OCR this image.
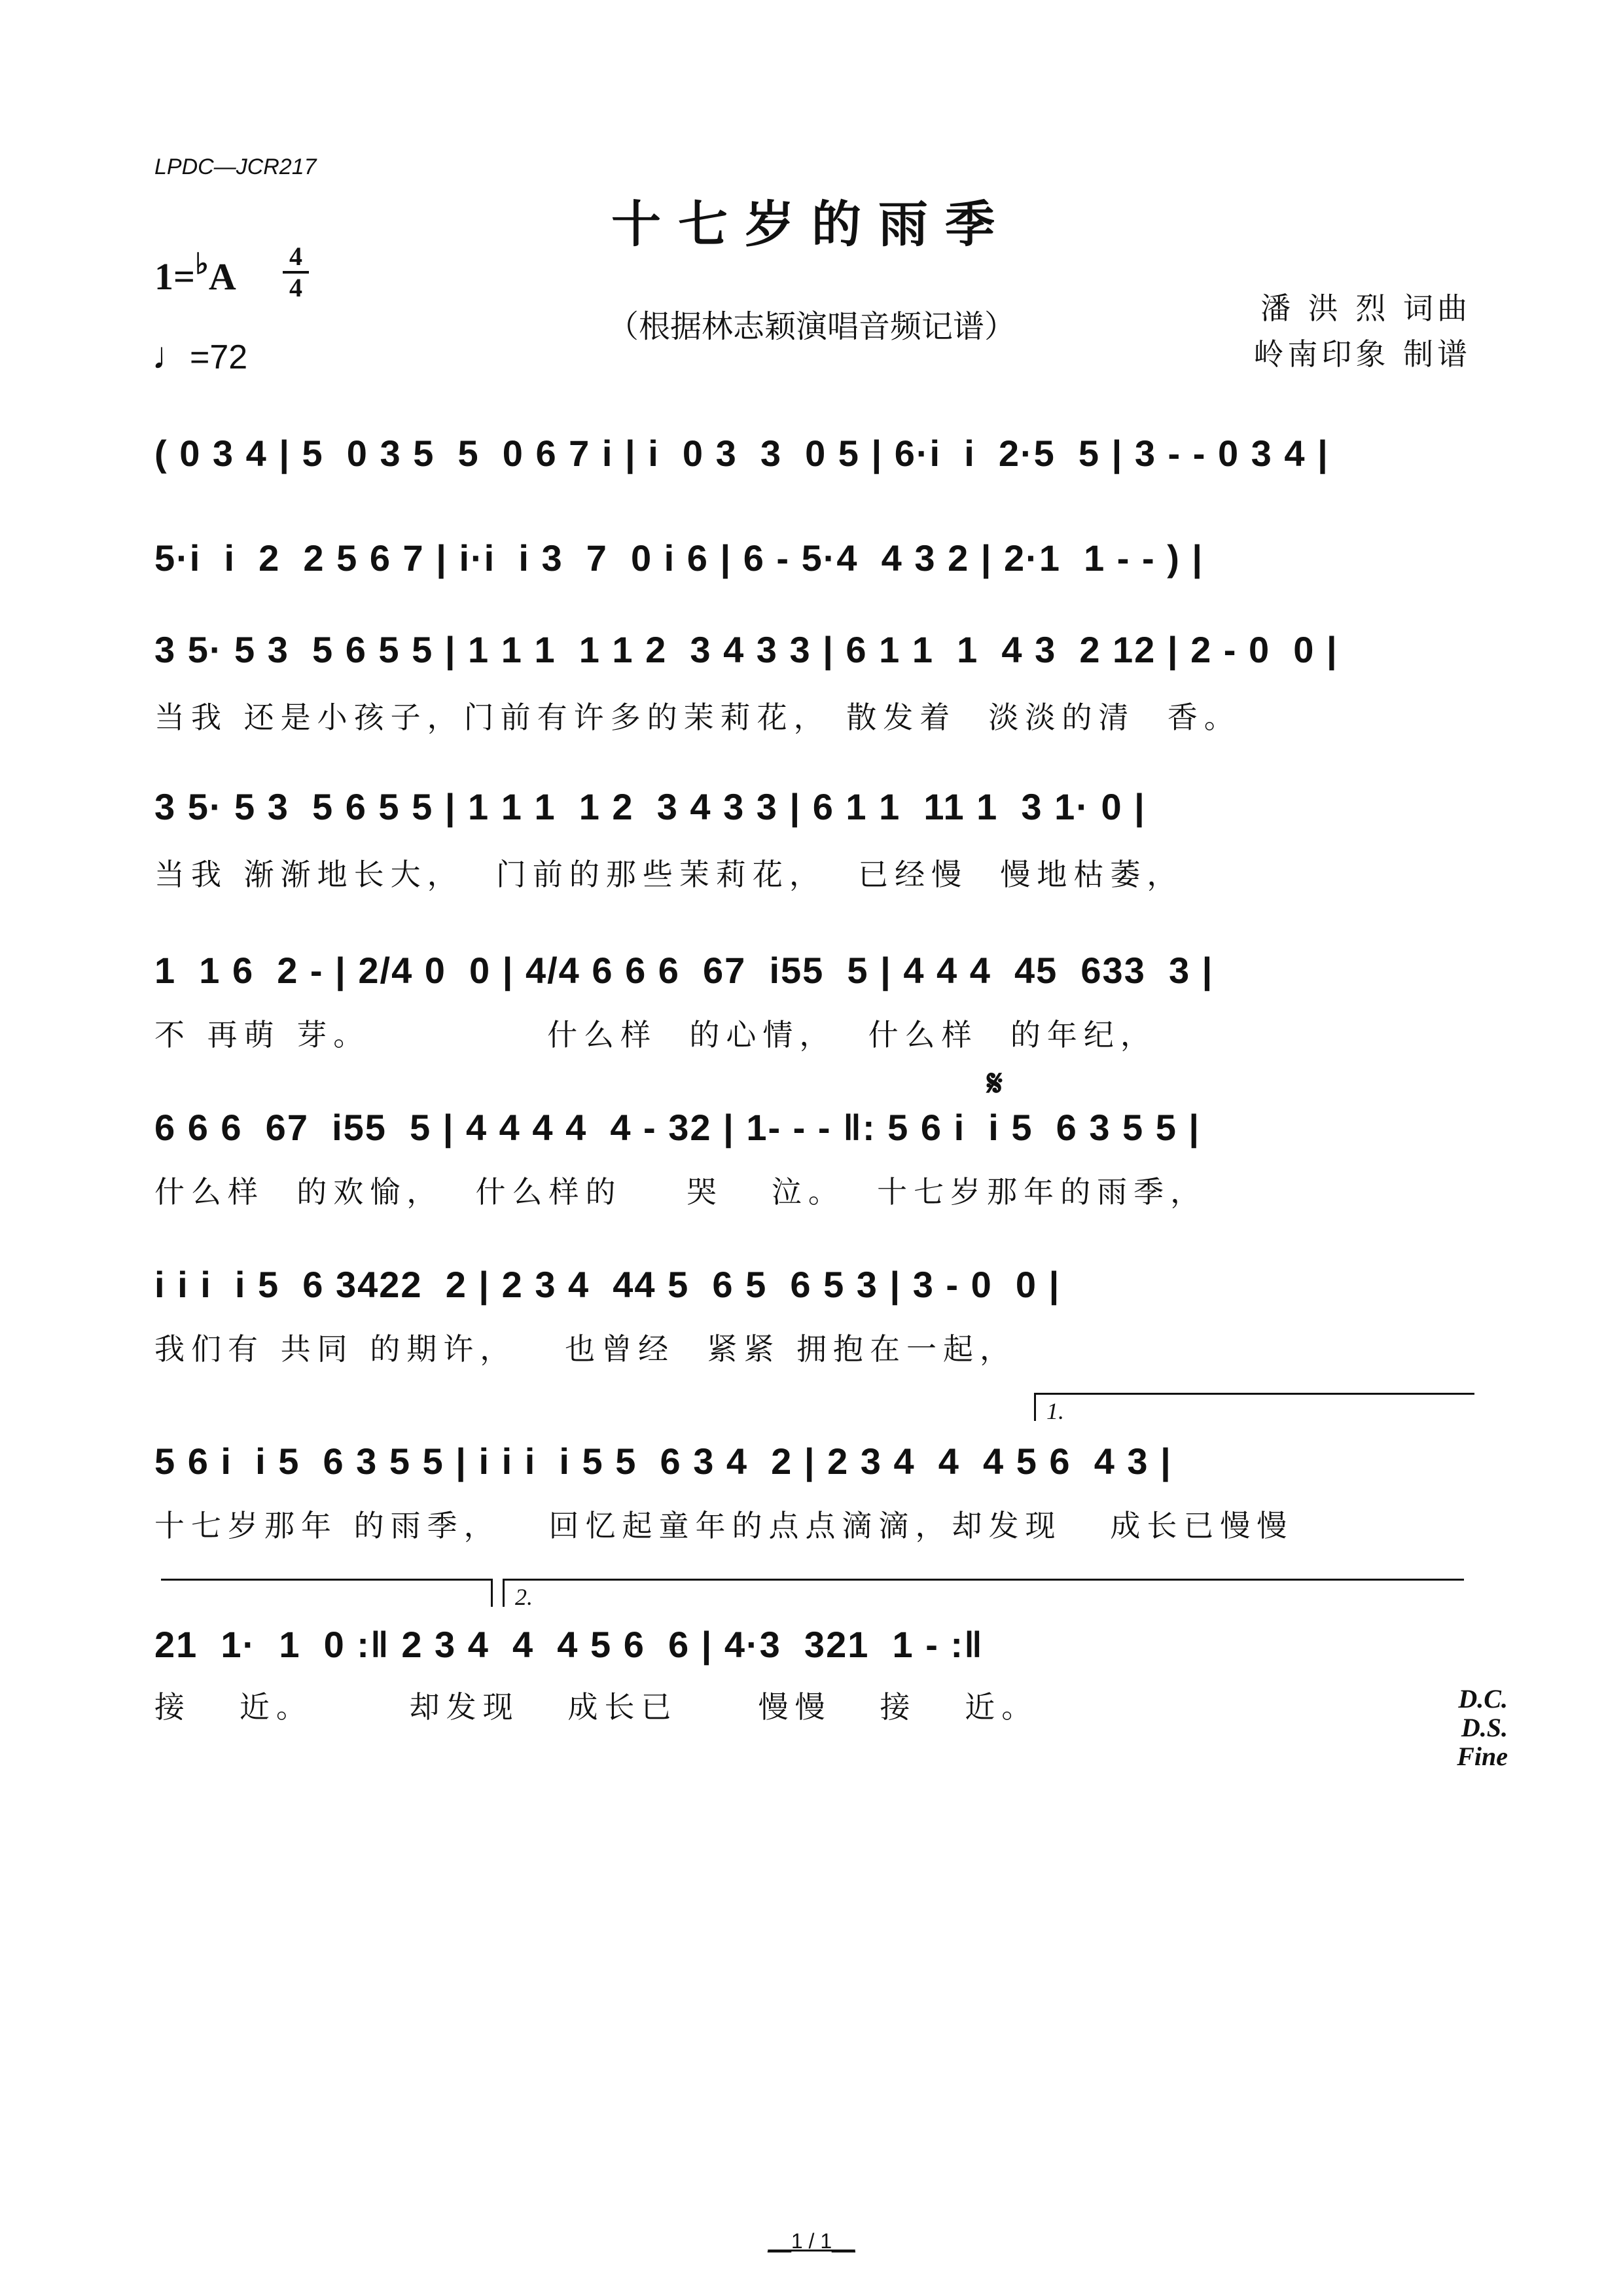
LPDC—JCR217
十七岁的雨季
1=♭A 4
4
♩=72
（根据林志颖演唱音频记谱）	潘 洪 烈 词曲
岭南印象 制谱
( 0 3 4 | 5  0 3 5  5  0 6 7 i | i  0 3  3  0 5 | 6·i  i  2·5  5 | 3 - - 0 3 4 |
5·i  i  2  2 5 6 7 | i·i  i 3  7  0 i 6 | 6 - 5·4  4 3 2 | 2·1  1 - - ) |
3 5· 5 3  5 6 5 5 | 1 1 1  1 1 2  3 4 3 3 | 6 1 1  1  4 3  2 12 | 2 - 0  0 |
当我 还是小孩子，门前有许多的茉莉花， 散发着  淡淡的清  香。
3 5· 5 3  5 6 5 5 | 1 1 1  1 2  3 4 3 3 | 6 1 1  11 1  3 1· 0 |
当我 渐渐地长大，  门前的那些茉莉花，  已经慢  慢地枯萎，
1  1 6  2 - | 2/4 0  0 | 4/4 6 6 6  67  i55  5 | 4 4 4  45  633  3 |
不 再萌 芽。           什么样  的心情，  什么样  的年纪，
𝄋
6 6 6  67  i55  5 | 4 4 4 4  4 - 32 | 1- - - ‖: 5 6 i  i 5  6 3 5 5 |
什么样  的欢愉，  什么样的    哭   泣。  十七岁那年的雨季，
i i i  i 5  6 3422  2 | 2 3 4  44 5  6 5  6 5 3 | 3 - 0  0 |
我们有 共同 的期许，   也曾经  紧紧 拥抱在一起，
1.
5 6 i  i 5  6 3 5 5 | i i i  i 5 5  6 3 4  2 | 2 3 4  4  4 5 6  4 3 |
十七岁那年 的雨季，   回忆起童年的点点滴滴，却发现   成长已慢慢
2.
21  1·  1  0 :‖ 2 3 4  4  4 5 6  6 | 4·3  321  1 - :‖
接   近。      却发现   成长已     慢慢   接   近。	D.C.
D.S.
Fine
__1 / 1__
